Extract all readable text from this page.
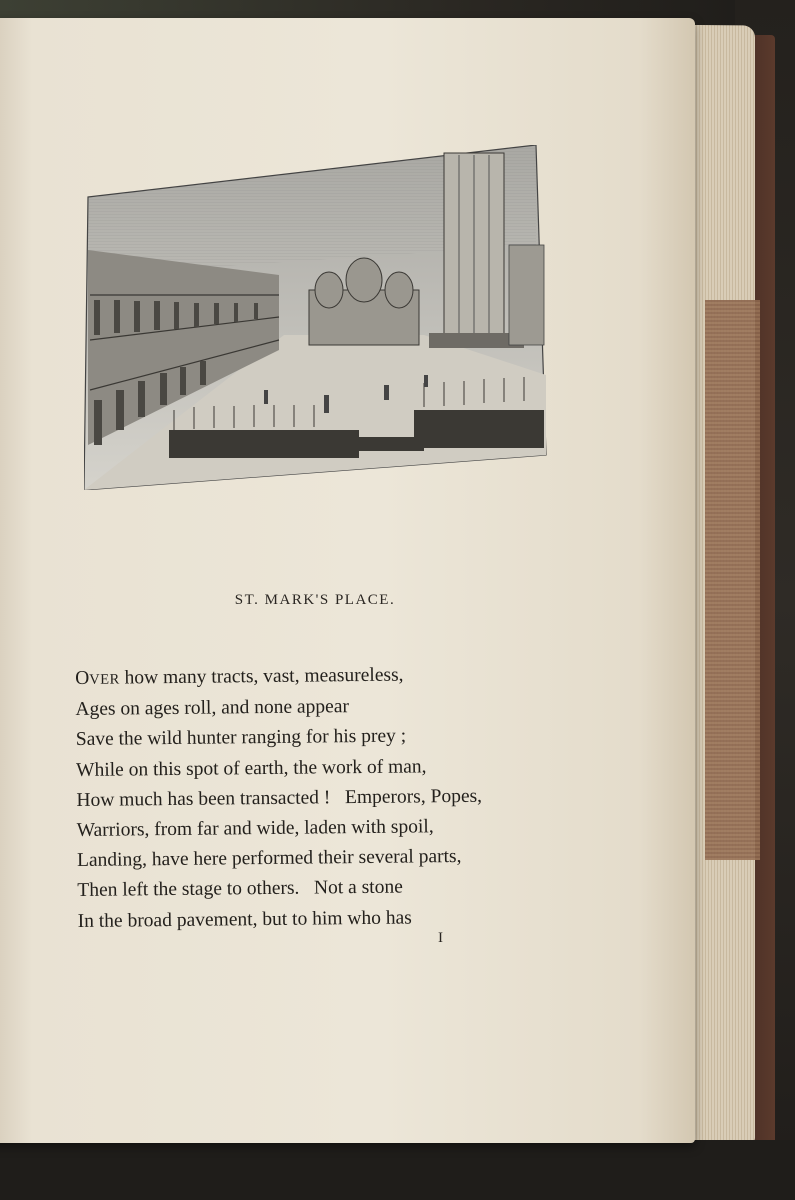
ST. MARK'S PLACE.
OVER how many tracts, vast, measureless,
Ages on ages roll, and none appear
Save the wild hunter ranging for his prey ;
While on this spot of earth, the work of man,
How much has been transacted !   Emperors, Popes,
Warriors, from far and wide, laden with spoil,
Landing, have here performed their several parts,
Then left the stage to others.   Not a stone
In the broad pavement, but to him who has
I
